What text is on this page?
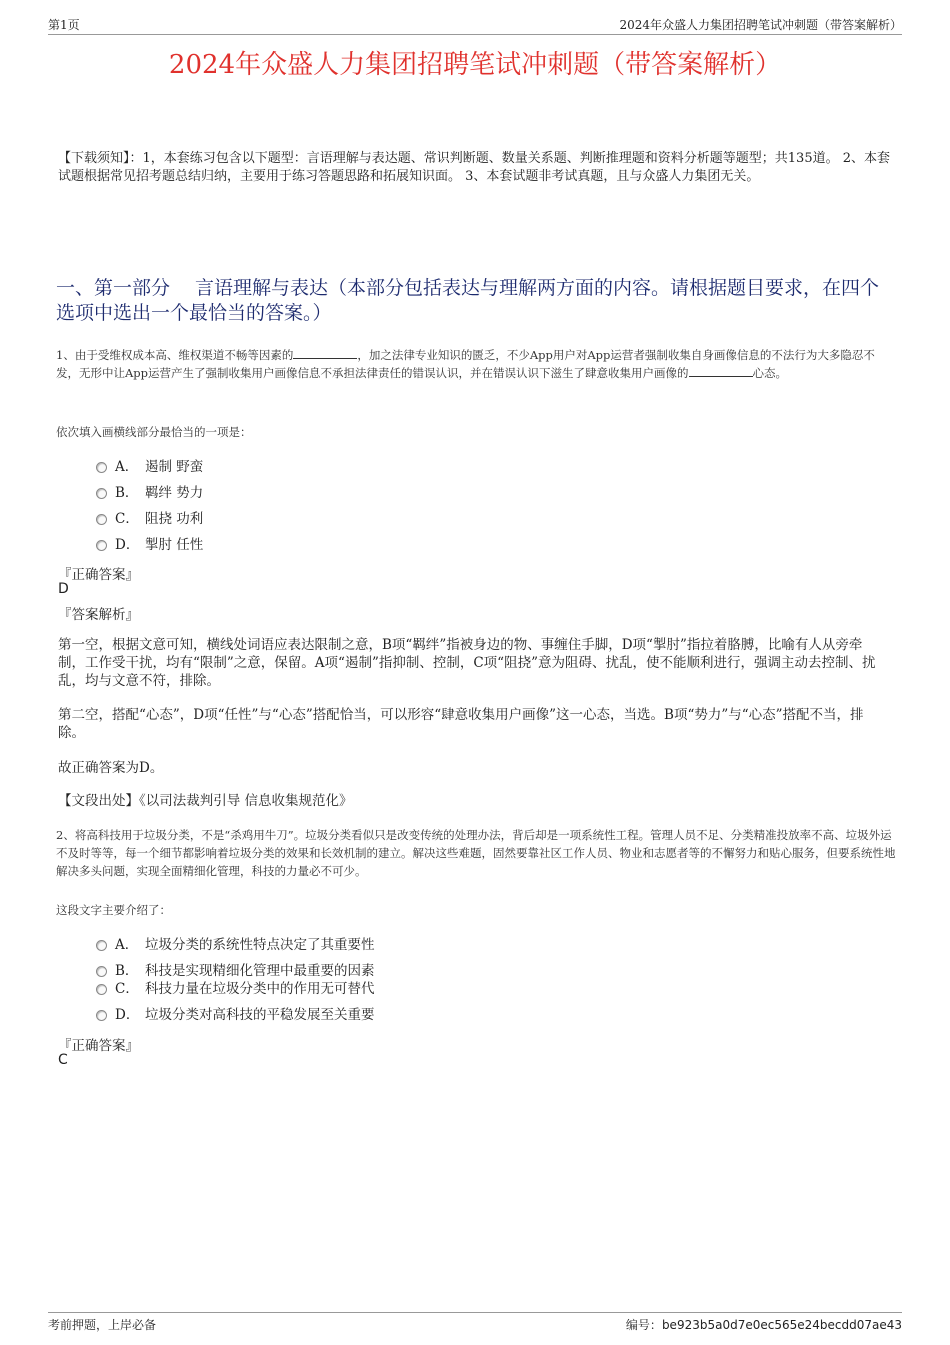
第1页	2024年众盛人力集团招聘笔试冲刺题（带答案解析）
2024年众盛人力集团招聘笔试冲刺题（带答案解析）
【下载须知】：1，本套练习包含以下题型：言语理解与表达题、常识判断题、数量关系题、判断推理题和资料分析题等题型；共135道。 2、本套试题根据常见招考题总结归纳，主要用于练习答题思路和拓展知识面。 3、本套试题非考试真题，且与众盛人力集团无关。
一、第一部分　 言语理解与表达（本部分包括表达与理解两方面的内容。请根据题目要求，在四个选项中选出一个最恰当的答案。）
1、由于受维权成本高、维权渠道不畅等因素的	，加之法律专业知识的匮乏，不少App用户对App运营者强制收集自身画像信息的不法行为大多隐忍不发，无形中让App运营产生了强制收集用户画像信息不承担法律责任的错误认识，并在错误认识下滋生了肆意收集用户画像的	心态。
依次填入画横线部分最恰当的一项是：
A． 遏制 野蛮
B． 羁绊 势力
C． 阻挠 功利
D． 掣肘 任性
『正确答案』
D
『答案解析』
第一空，根据文意可知，横线处词语应表达限制之意，B项“羁绊”指被身边的物、事缠住手脚，D项“掣肘”指拉着胳膊，比喻有人从旁牵制，工作受干扰，均有“限制”之意，保留。A项“遏制”指抑制、控制，C项“阻挠”意为阻碍、扰乱，使不能顺利进行，强调主动去控制、扰乱，均与文意不符，排除。
第二空，搭配“心态”，D项“任性”与“心态”搭配恰当，可以形容“肆意收集用户画像”这一心态，当选。B项“势力”与“心态”搭配不当，排除。
故正确答案为D。
【文段出处】《以司法裁判引导 信息收集规范化》
2、将高科技用于垃圾分类，不是“杀鸡用牛刀”。垃圾分类看似只是改变传统的处理办法，背后却是一项系统性工程。管理人员不足、分类精准投放率不高、垃圾外运不及时等等，每一个细节都影响着垃圾分类的效果和长效机制的建立。解决这些难题，固然要靠社区工作人员、物业和志愿者等的不懈努力和贴心服务，但要系统性地解决多头问题，实现全面精细化管理，科技的力量必不可少。
这段文字主要介绍了：
A． 垃圾分类的系统性特点决定了其重要性
B． 科技是实现精细化管理中最重要的因素
C． 科技力量在垃圾分类中的作用无可替代
D． 垃圾分类对高科技的平稳发展至关重要
『正确答案』
C
考前押题，上岸必备	编号：be923b5a0d7e0ec565e24becdd07ae43
